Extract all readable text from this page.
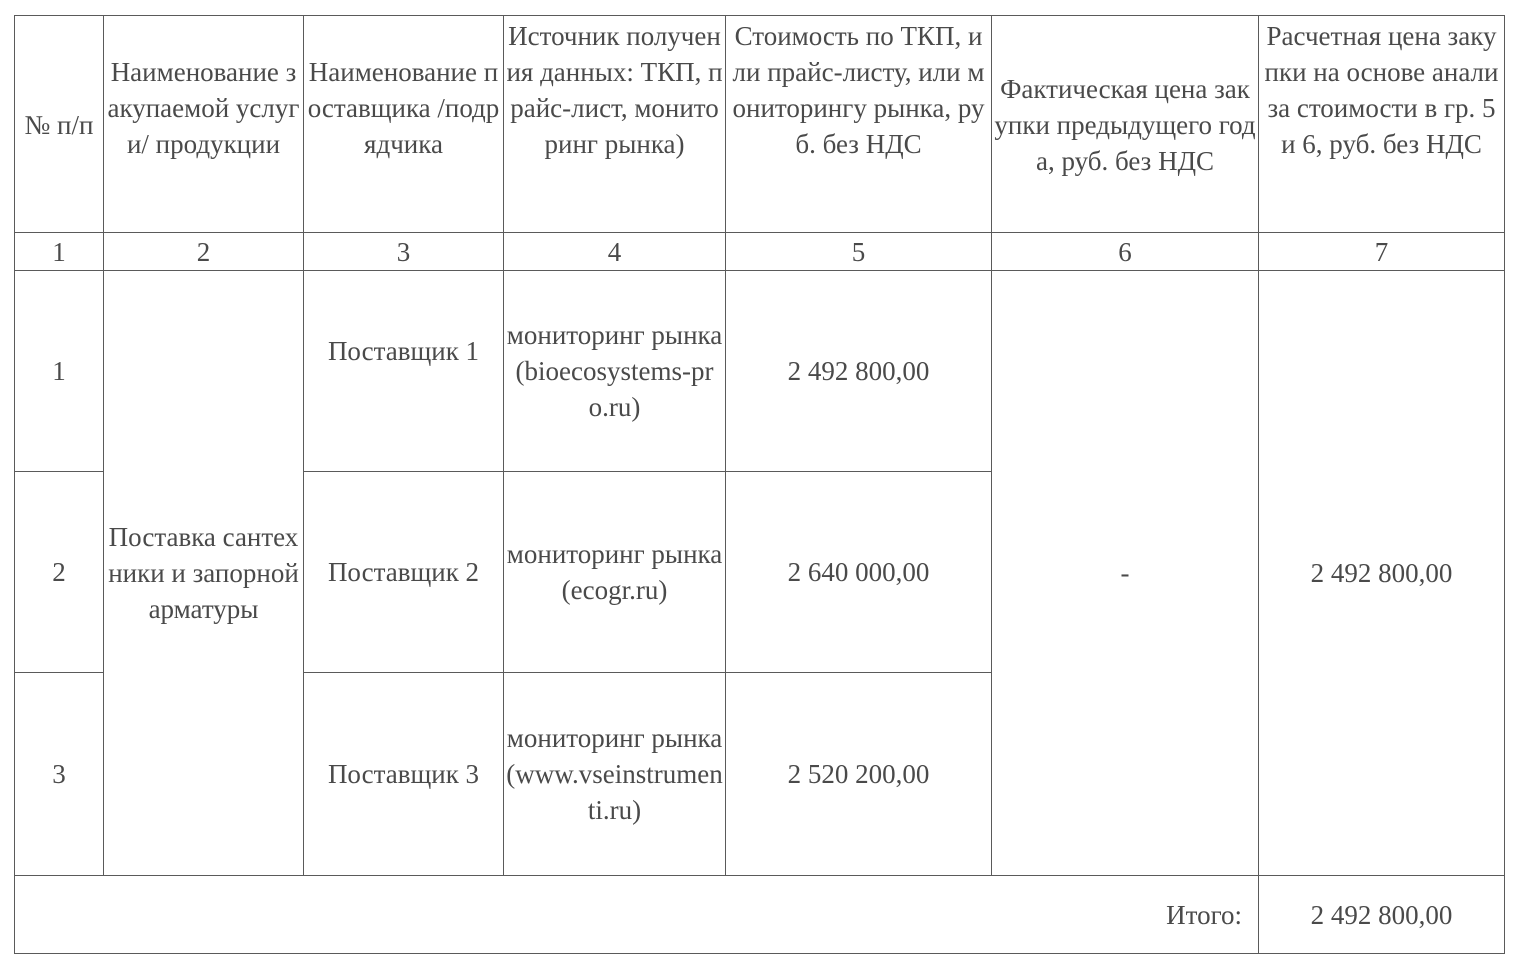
№ п/п	Наименование закупаемой услуги/ продукции	Наименование поставщика /подрядчика	Источник получения данных: ТКП, прайс-лист, мониторинг рынка)	Стоимость по ТКП, или прайс-листу, или мониторингу рынка, руб. без НДС	Фактическая цена закупки предыдущего года, руб. без НДС	Расчетная цена закупки на основе анализа стоимости в гр. 5 и 6, руб. без НДС
1	2	3	4	5	6	7
1	Поставка сантехники и запорной арматуры	Поставщик 1	мониторинг рынка (bioecosystems-pro.ru)	2 492 800,00	-	2 492 800,00
2		Поставщик 2	мониторинг рынка (ecogr.ru)	2 640 000,00		
3		Поставщик 3	мониторинг рынка (www.vseinstrumenti.ru)	2 520 200,00		
Итого:						2 492 800,00
